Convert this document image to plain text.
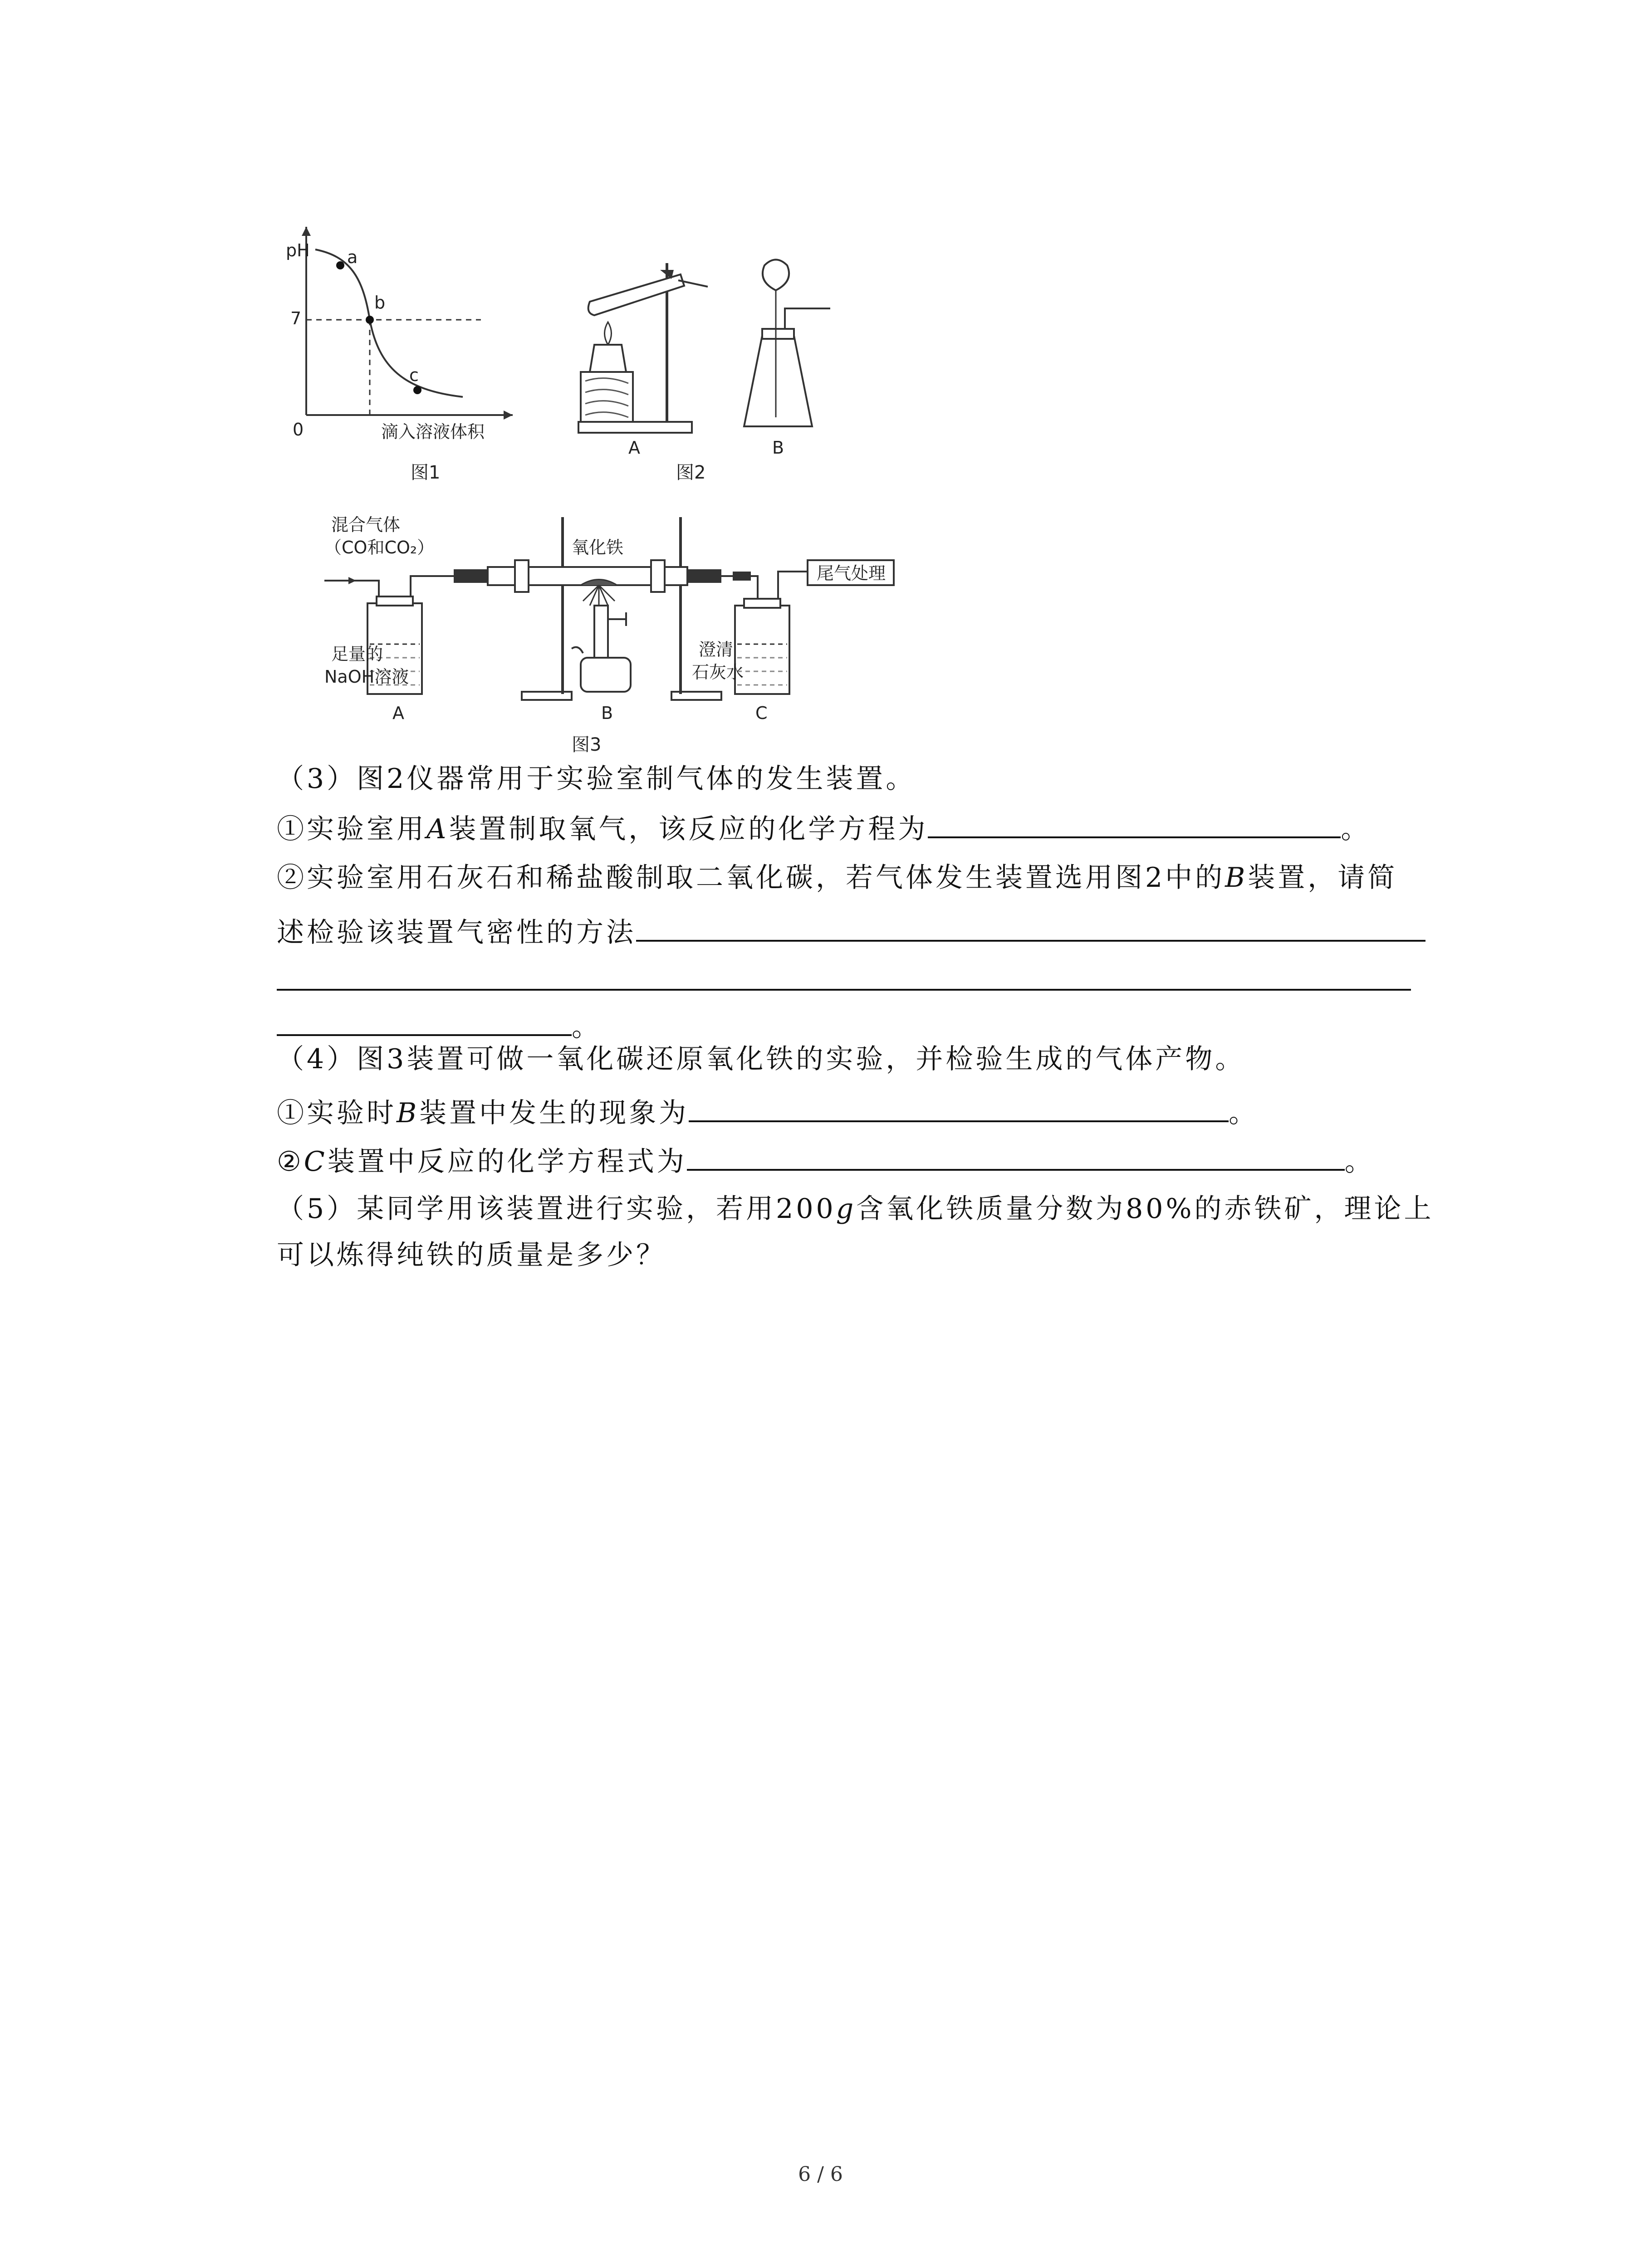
pH
7
0
a
b
c
滴入溶液体积
图1
A	B
图2
混合气体
（CO和CO₂）
足量的
NaOH溶液
A
氧化铁
B
尾气处理
澄清
石灰水
C
图3
（3）图2仪器常用于实验室制气体的发生装置。
①实验室用A装置制取氧气，该反应的化学方程为	。
②实验室用石灰石和稀盐酸制取二氧化碳，若气体发生装置选用图2中的B装置，请简
述检验该装置气密性的方法
。
（4）图3装置可做一氧化碳还原氧化铁的实验，并检验生成的气体产物。
①实验时B装置中发生的现象为	。
②C装置中反应的化学方程式为	。
（5）某同学用该装置进行实验，若用200g含氧化铁质量分数为80%的赤铁矿，理论上
可以炼得纯铁的质量是多少？
6 / 6
